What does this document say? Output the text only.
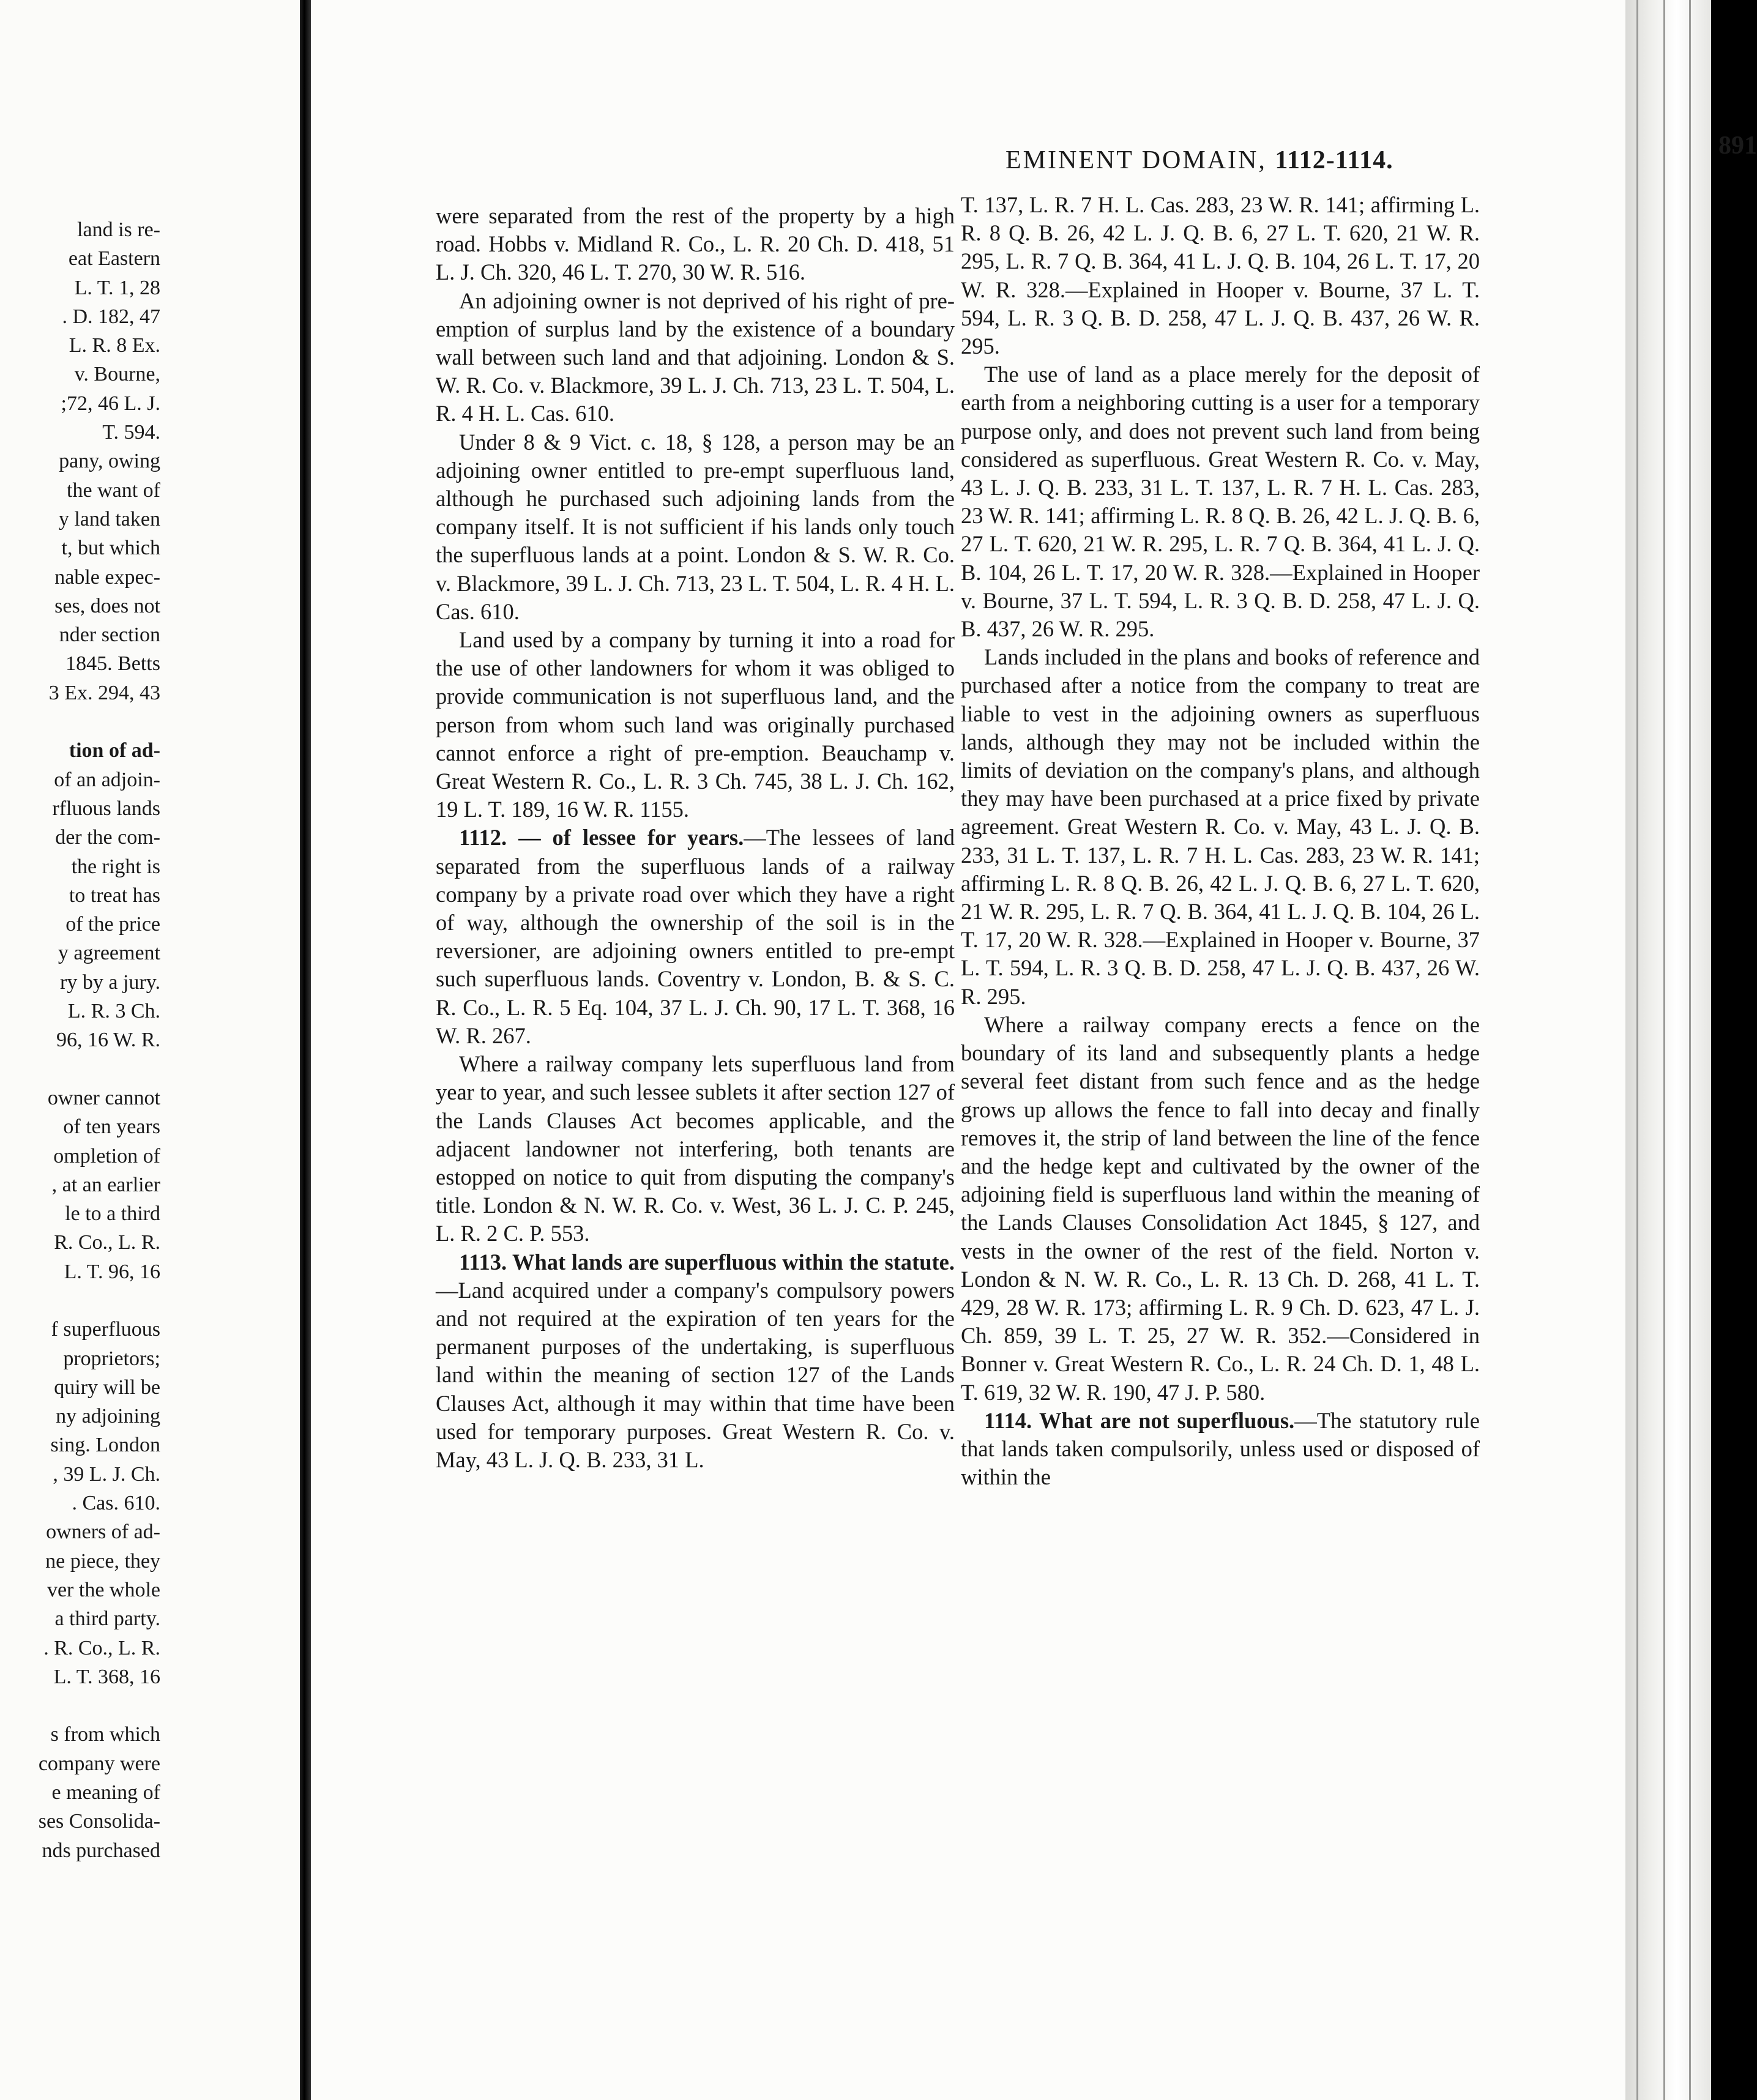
land is re-
eat Eastern
L. T. 1, 28
. D. 182, 47
L. R. 8 Ex.
v. Bourne,
;72, 46 L. J.
T. 594.
pany, owing
the want of
y land taken
t, but which
nable expec-
ses, does not
nder section
1845. Betts
3 Ex. 294, 43
tion of ad-
of an adjoin-
rfluous lands
der the com-
the right is
to treat has
of the price
y agreement
ry by a jury.
L. R. 3 Ch.
96, 16 W. R.
owner cannot
of ten years
ompletion of
, at an earlier
le to a third
R. Co., L. R.
L. T. 96, 16
f superfluous
proprietors;
quiry will be
ny adjoining
sing. London
, 39 L. J. Ch.
. Cas. 610.
owners of ad-
ne piece, they
ver the whole
a third party.
. R. Co., L. R.
L. T. 368, 16
s from which
company were
e meaning of
ses Consolida-
nds purchased
EMINENT DOMAIN, 1112-1114.
891

were separated from the rest of the property by a high road. Hobbs v. Midland R. Co., L. R. 20 Ch. D. 418, 51 L. J. Ch. 320, 46 L. T. 270, 30 W. R. 516.

An adjoining owner is not deprived of his right of pre-emption of surplus land by the existence of a boundary wall between such land and that adjoining. London & S. W. R. Co. v. Blackmore, 39 L. J. Ch. 713, 23 L. T. 504, L. R. 4 H. L. Cas. 610.

Under 8 & 9 Vict. c. 18, § 128, a person may be an adjoining owner entitled to pre-empt superfluous land, although he purchased such adjoining lands from the company itself. It is not sufficient if his lands only touch the superfluous lands at a point. London & S. W. R. Co. v. Blackmore, 39 L. J. Ch. 713, 23 L. T. 504, L. R. 4 H. L. Cas. 610.

Land used by a company by turning it into a road for the use of other landowners for whom it was obliged to provide communication is not superfluous land, and the person from whom such land was originally purchased cannot enforce a right of pre-emption. Beauchamp v. Great Western R. Co., L. R. 3 Ch. 745, 38 L. J. Ch. 162, 19 L. T. 189, 16 W. R. 1155.

1112. — of lessee for years.—The lessees of land separated from the superfluous lands of a railway company by a private road over which they have a right of way, although the ownership of the soil is in the reversioner, are adjoining owners entitled to pre-empt such superfluous lands. Coventry v. London, B. & S. C. R. Co., L. R. 5 Eq. 104, 37 L. J. Ch. 90, 17 L. T. 368, 16 W. R. 267.

Where a railway company lets superfluous land from year to year, and such lessee sublets it after section 127 of the Lands Clauses Act becomes applicable, and the adjacent landowner not interfering, both tenants are estopped on notice to quit from disputing the company's title. London & N. W. R. Co. v. West, 36 L. J. C. P. 245, L. R. 2 C. P. 553.

1113. What lands are superfluous within the statute.—Land acquired under a company's compulsory powers and not required at the expiration of ten years for the permanent purposes of the undertaking, is superfluous land within the meaning of section 127 of the Lands Clauses Act, although it may within that time have been used for temporary purposes. Great Western R. Co. v. May, 43 L. J. Q. B. 233, 31 L.

T. 137, L. R. 7 H. L. Cas. 283, 23 W. R. 141; affirming L. R. 8 Q. B. 26, 42 L. J. Q. B. 6, 27 L. T. 620, 21 W. R. 295, L. R. 7 Q. B. 364, 41 L. J. Q. B. 104, 26 L. T. 17, 20 W. R. 328.—Explained in Hooper v. Bourne, 37 L. T. 594, L. R. 3 Q. B. D. 258, 47 L. J. Q. B. 437, 26 W. R. 295.

The use of land as a place merely for the deposit of earth from a neighboring cutting is a user for a temporary purpose only, and does not prevent such land from being considered as superfluous. Great Western R. Co. v. May, 43 L. J. Q. B. 233, 31 L. T. 137, L. R. 7 H. L. Cas. 283, 23 W. R. 141; affirming L. R. 8 Q. B. 26, 42 L. J. Q. B. 6, 27 L. T. 620, 21 W. R. 295, L. R. 7 Q. B. 364, 41 L. J. Q. B. 104, 26 L. T. 17, 20 W. R. 328.—Explained in Hooper v. Bourne, 37 L. T. 594, L. R. 3 Q. B. D. 258, 47 L. J. Q. B. 437, 26 W. R. 295.

Lands included in the plans and books of reference and purchased after a notice from the company to treat are liable to vest in the adjoining owners as superfluous lands, although they may not be included within the limits of deviation on the company's plans, and although they may have been purchased at a price fixed by private agreement. Great Western R. Co. v. May, 43 L. J. Q. B. 233, 31 L. T. 137, L. R. 7 H. L. Cas. 283, 23 W. R. 141; affirming L. R. 8 Q. B. 26, 42 L. J. Q. B. 6, 27 L. T. 620, 21 W. R. 295, L. R. 7 Q. B. 364, 41 L. J. Q. B. 104, 26 L. T. 17, 20 W. R. 328.—Explained in Hooper v. Bourne, 37 L. T. 594, L. R. 3 Q. B. D. 258, 47 L. J. Q. B. 437, 26 W. R. 295.

Where a railway company erects a fence on the boundary of its land and subsequently plants a hedge several feet distant from such fence and as the hedge grows up allows the fence to fall into decay and finally removes it, the strip of land between the line of the fence and the hedge kept and cultivated by the owner of the adjoining field is superfluous land within the meaning of the Lands Clauses Consolidation Act 1845, § 127, and vests in the owner of the rest of the field. Norton v. London & N. W. R. Co., L. R. 13 Ch. D. 268, 41 L. T. 429, 28 W. R. 173; affirming L. R. 9 Ch. D. 623, 47 L. J. Ch. 859, 39 L. T. 25, 27 W. R. 352.—Considered in Bonner v. Great Western R. Co., L. R. 24 Ch. D. 1, 48 L. T. 619, 32 W. R. 190, 47 J. P. 580.

1114. What are not superfluous.—The statutory rule that lands taken compulsorily, unless used or disposed of within the
